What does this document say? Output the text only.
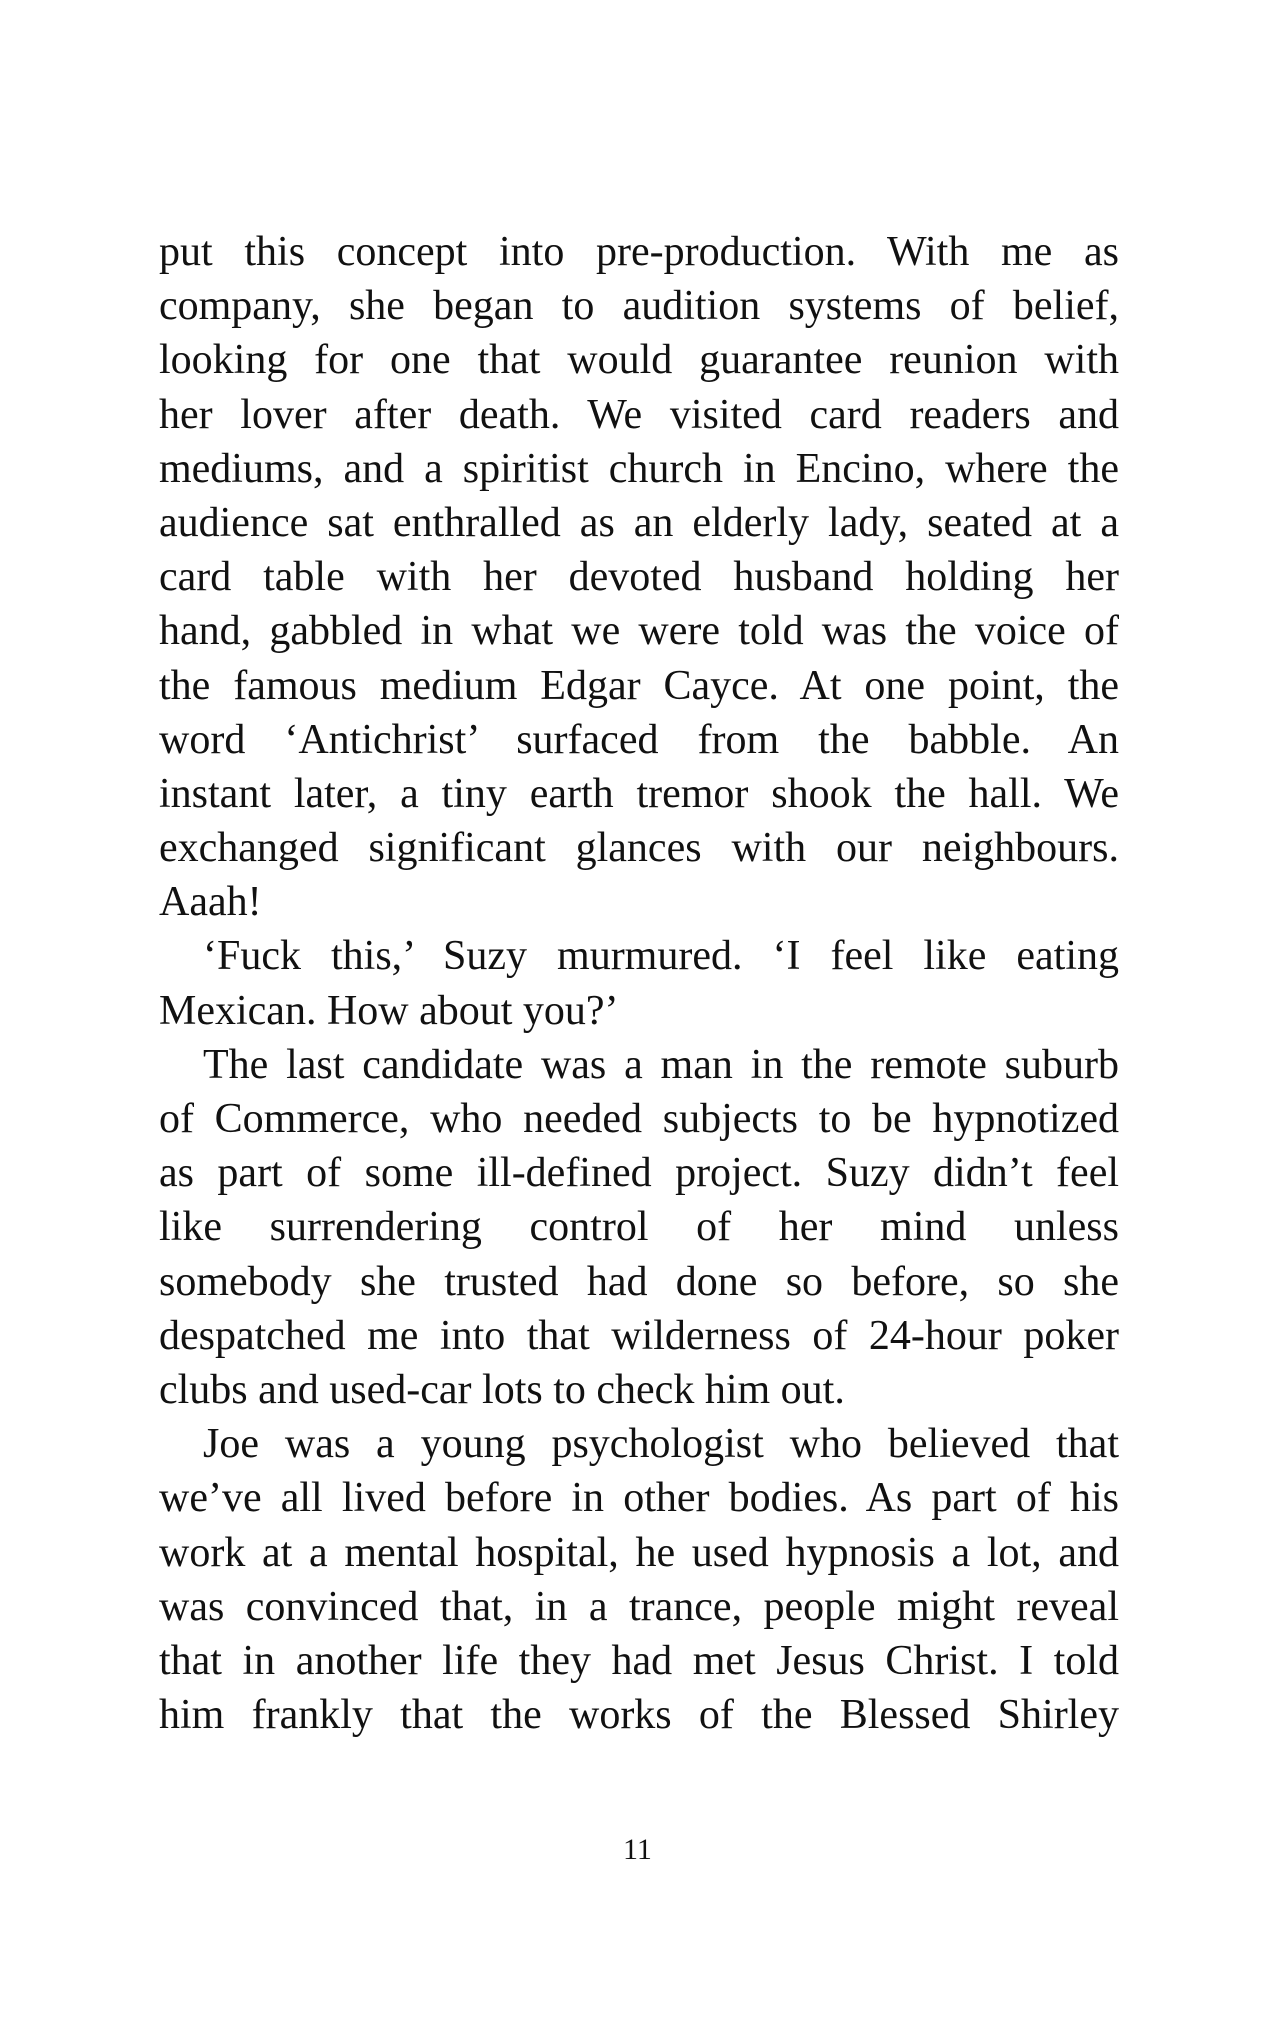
put this concept into pre-production. With me as
company, she began to audition systems of belief,
looking for one that would guarantee reunion with
her lover after death. We visited card readers and
mediums, and a spiritist church in Encino, where the
audience sat enthralled as an elderly lady, seated at a
card table with her devoted husband holding her
hand, gabbled in what we were told was the voice of
the famous medium Edgar Cayce. At one point, the
word ‘Antichrist’ surfaced from the babble. An
instant later, a tiny earth tremor shook the hall. We
exchanged significant glances with our neighbours.
Aaah!
‘Fuck this,’ Suzy murmured. ‘I feel like eating
Mexican. How about you?’
The last candidate was a man in the remote suburb
of Commerce, who needed subjects to be hypnotized
as part of some ill-defined project. Suzy didn’t feel
like surrendering control of her mind unless
somebody she trusted had done so before, so she
despatched me into that wilderness of 24-hour poker
clubs and used-car lots to check him out.
Joe was a young psychologist who believed that
we’ve all lived before in other bodies. As part of his
work at a mental hospital, he used hypnosis a lot, and
was convinced that, in a trance, people might reveal
that in another life they had met Jesus Christ. I told
him frankly that the works of the Blessed Shirley
11
